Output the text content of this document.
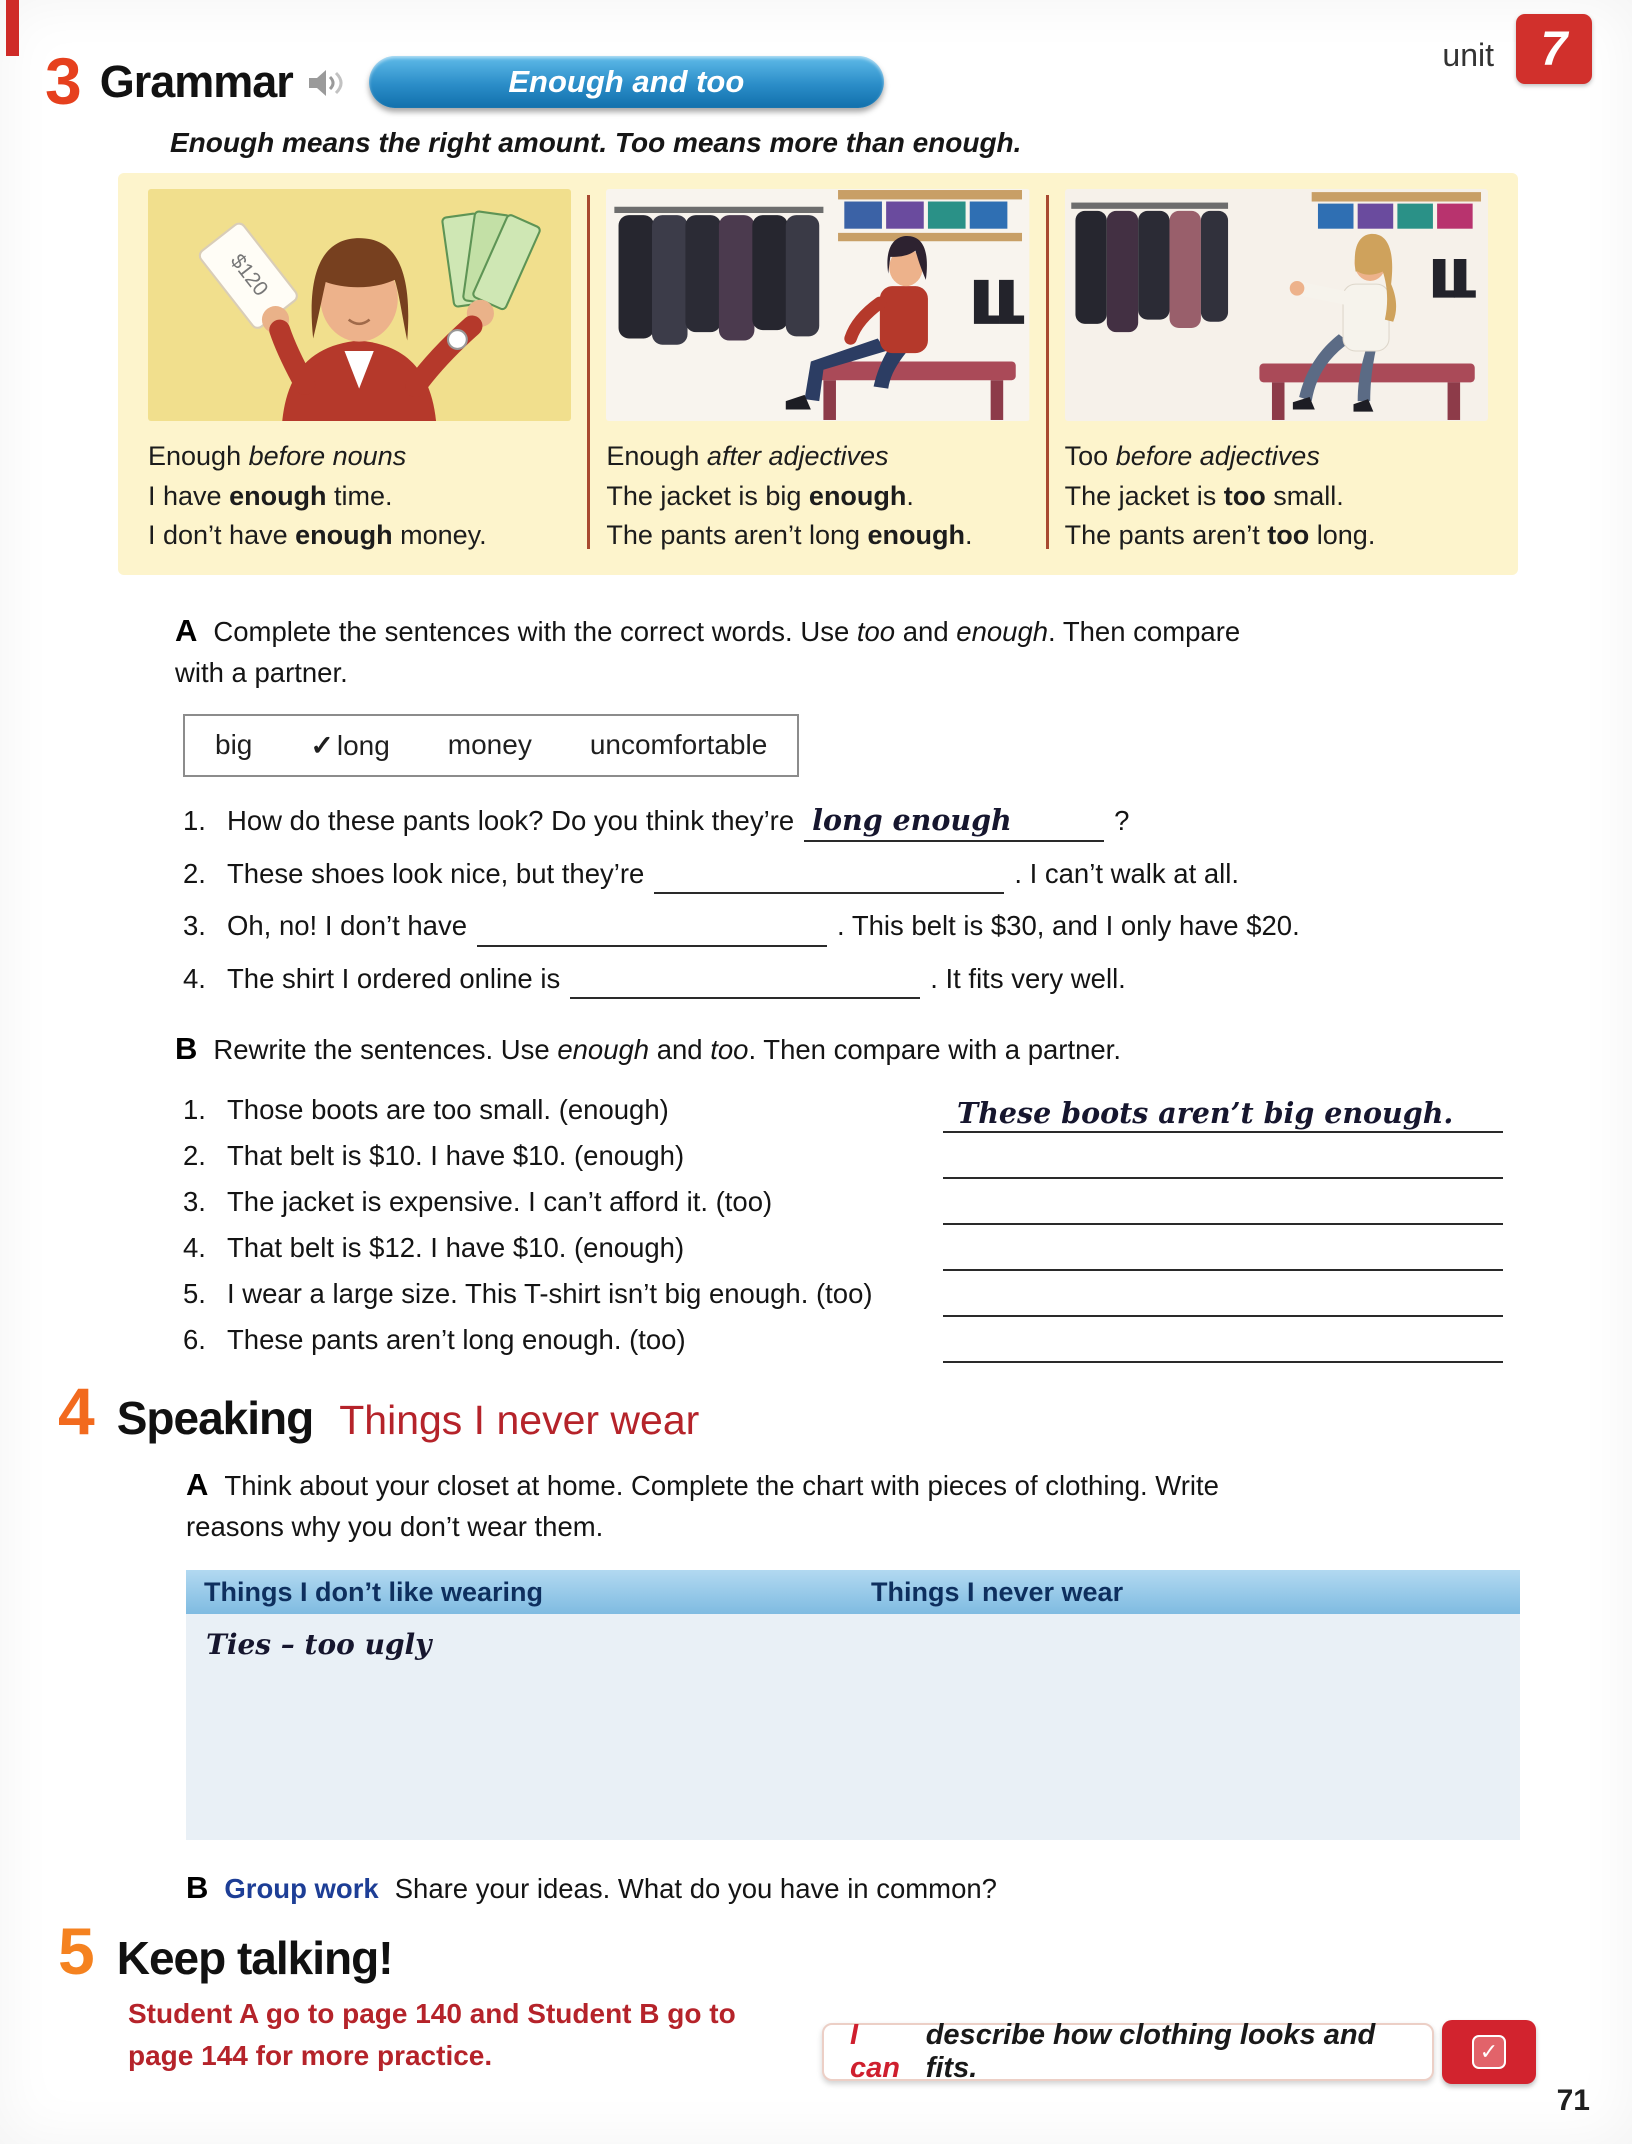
unit 7
3 Grammar	Enough and too

Enough means the right amount. Too means more than enough.

$120
Enough before nouns
I have enough time.
I don’t have enough money.
Enough after adjectives
The jacket is big enough.
The pants aren’t long enough.
Too before adjectives
The jacket is too small.
The pants aren’t too long.

A Complete the sentences with the correct words. Use too and enough. Then compare with a partner.

big ✓ long money uncomfortable
1. How do these pants look? Do you think they’re long enough	?
2. These shoes look nice, but they’re	. I can’t walk at all.
3. Oh, no! I don’t have	. This belt is $30, and I only have $20.
4. The shirt I ordered online is	. It fits very well.

B Rewrite the sentences. Use enough and too. Then compare with a partner.

1. Those boots are too small. (enough)	These boots aren’t big enough.
2. That belt is $10. I have $10. (enough)
3. The jacket is expensive. I can’t afford it. (too)
4. That belt is $12. I have $10. (enough)
5. I wear a large size. This T-shirt isn’t big enough. (too)
6. These pants aren’t long enough. (too)
4 Speaking Things I never wear

A Think about your closet at home. Complete the chart with pieces of clothing. Write reasons why you don’t wear them.

Things I don’t like wearing	Things I never wear
Ties – too ugly

B Group work Share your ideas. What do you have in common?

5 Keep talking!
Student A go to page 140 and Student B go to
page 144 for more practice.
I can
describe how clothing looks and fits.
✓
71
